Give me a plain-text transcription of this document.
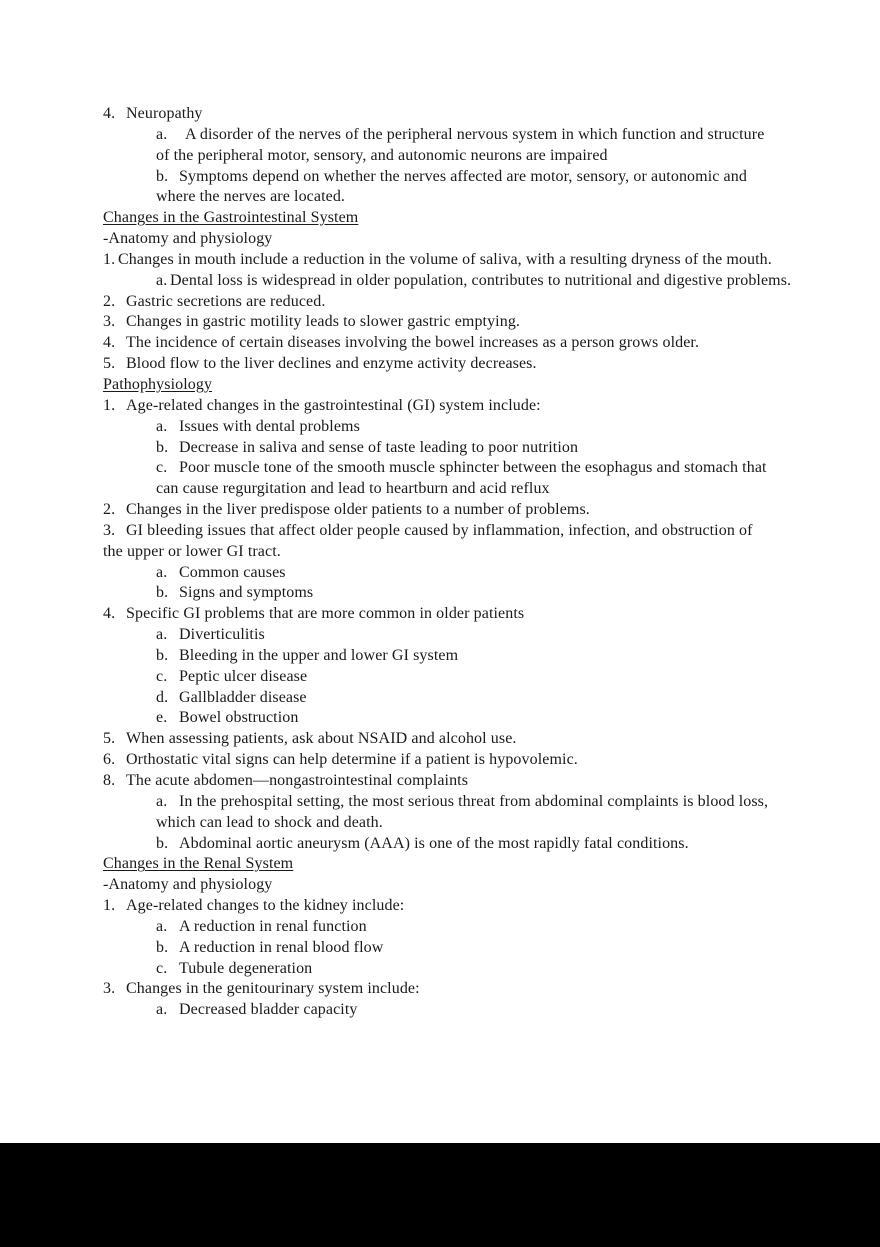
4. Neuropathy
a. A disorder of the nerves of the peripheral nervous system in which function and structure of the peripheral motor, sensory, and autonomic neurons are impaired
b. Symptoms depend on whether the nerves affected are motor, sensory, or autonomic and where the nerves are located.
Changes in the Gastrointestinal System
-Anatomy and physiology
1. Changes in mouth include a reduction in the volume of saliva, with a resulting dryness of the mouth.
a. Dental loss is widespread in older population, contributes to nutritional and digestive problems.
2. Gastric secretions are reduced.
3. Changes in gastric motility leads to slower gastric emptying.
4. The incidence of certain diseases involving the bowel increases as a person grows older.
5. Blood flow to the liver declines and enzyme activity decreases.
Pathophysiology
1. Age-related changes in the gastrointestinal (GI) system include:
a. Issues with dental problems
b. Decrease in saliva and sense of taste leading to poor nutrition
c. Poor muscle tone of the smooth muscle sphincter between the esophagus and stomach that can cause regurgitation and lead to heartburn and acid reflux
2. Changes in the liver predispose older patients to a number of problems.
3. GI bleeding issues that affect older people caused by inflammation, infection, and obstruction of the upper or lower GI tract.
a. Common causes
b. Signs and symptoms
4. Specific GI problems that are more common in older patients
a. Diverticulitis
b. Bleeding in the upper and lower GI system
c. Peptic ulcer disease
d. Gallbladder disease
e. Bowel obstruction
5. When assessing patients, ask about NSAID and alcohol use.
6. Orthostatic vital signs can help determine if a patient is hypovolemic.
8. The acute abdomen—nongastrointestinal complaints
a. In the prehospital setting, the most serious threat from abdominal complaints is blood loss, which can lead to shock and death.
b. Abdominal aortic aneurysm (AAA) is one of the most rapidly fatal conditions.
Changes in the Renal System
-Anatomy and physiology
1. Age-related changes to the kidney include:
a. A reduction in renal function
b. A reduction in renal blood flow
c. Tubule degeneration
3. Changes in the genitourinary system include:
a. Decreased bladder capacity
